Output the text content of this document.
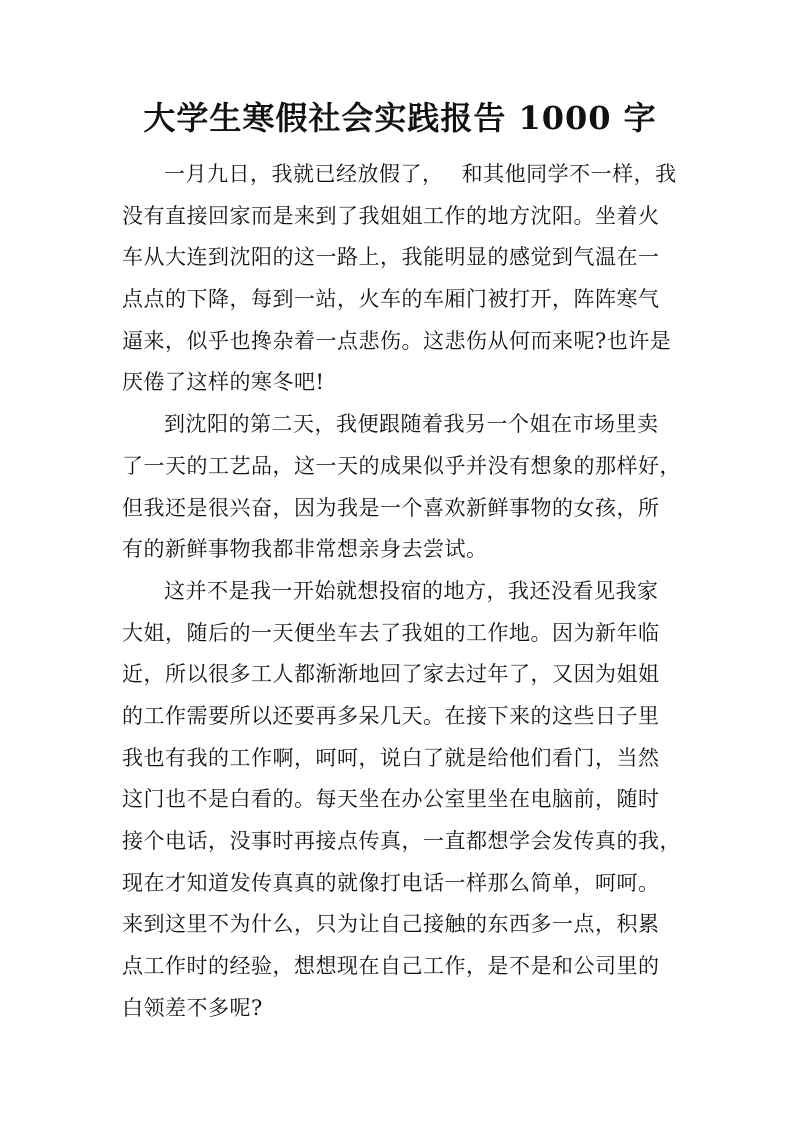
大学生寒假社会实践报告 1000 字
一月九日，我就已经放假了，　 和其他同学不一样，我
没有直接回家而是来到了我姐姐工作的地方沈阳。坐着火
车从大连到沈阳的这一路上，我能明显的感觉到气温在一
点点的下降，每到一站，火车的车厢门被打开，阵阵寒气
逼来，似乎也搀杂着一点悲伤。这悲伤从何而来呢?也许是
厌倦了这样的寒冬吧!
到沈阳的第二天，我便跟随着我另一个姐在市场里卖
了一天的工艺品，这一天的成果似乎并没有想象的那样好，
但我还是很兴奋，因为我是一个喜欢新鲜事物的女孩，所
有的新鲜事物我都非常想亲身去尝试。
这并不是我一开始就想投宿的地方，我还没看见我家
大姐，随后的一天便坐车去了我姐的工作地。因为新年临
近，所以很多工人都渐渐地回了家去过年了，又因为姐姐
的工作需要所以还要再多呆几天。在接下来的这些日子里
我也有我的工作啊，呵呵，说白了就是给他们看门，当然
这门也不是白看的。每天坐在办公室里坐在电脑前，随时
接个电话，没事时再接点传真，一直都想学会发传真的我，
现在才知道发传真真的就像打电话一样那么简单，呵呵。
来到这里不为什么，只为让自己接触的东西多一点，积累
点工作时的经验，想想现在自己工作，是不是和公司里的
白领差不多呢?
